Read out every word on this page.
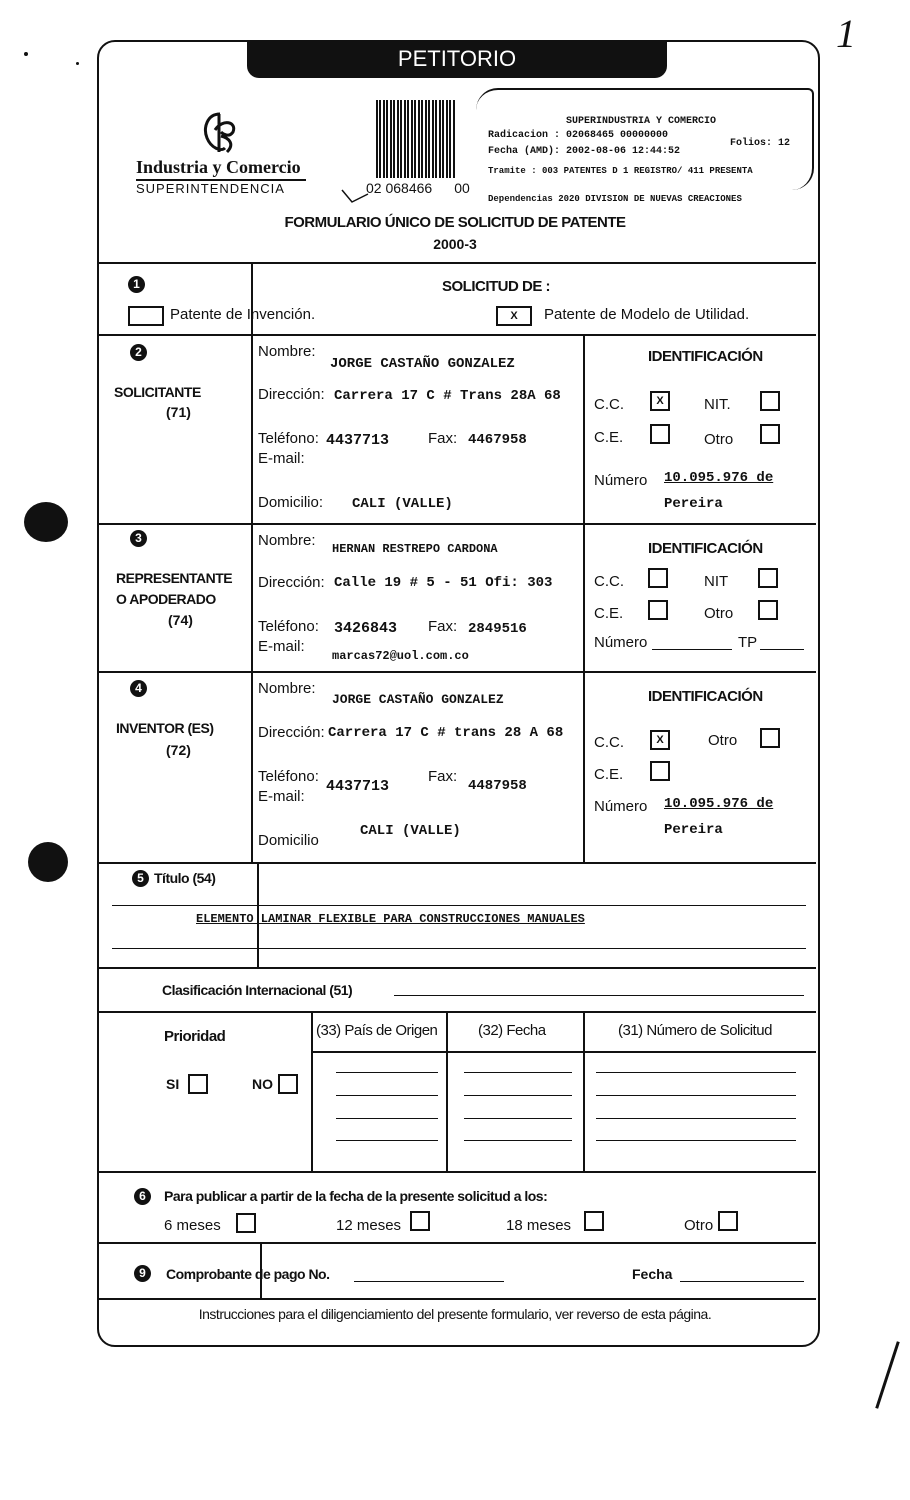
1
PETITORIO
Industria y Comercio
SUPERINTENDENCIA	02 068466 00
SUPERINDUSTRIA Y COMERCIO
Radicacion : 02068465 00000000
Fecha (AMD): 2002-08-06 12:44:52
Folios: 12
Tramite : 003 PATENTES D 1 REGISTRO/ 411 PRESENTA
Dependencias 2020 DIVISION DE NUEVAS CREACIONES
FORMULARIO ÚNICO DE SOLICITUD DE PATENTE
2000-3
1	SOLICITUD DE :
Patente de Invención.	X	Patente de Modelo de Utilidad.
2
SOLICITANTE
(71)
Nombre:
JORGE CASTAÑO GONZALEZ
Dirección: Carrera 17 C # Trans 28A 68
Teléfono: 4437713	Fax: 4467958
E-mail:
Domicilio: CALI (VALLE)
IDENTIFICACIÓN
C.C.	X	NIT.
C.E.	Otro
Número 10.095.976 de
Pereira
3
REPRESENTANTE
O APODERADO
(74)
Nombre: HERNAN RESTREPO CARDONA
Dirección: Calle 19 # 5 - 51 Ofi: 303
Teléfono: 3426843 Fax: 2849516
E-mail:
marcas72@uol.com.co
IDENTIFICACIÓN
C.C.	NIT
C.E.	Otro
Número	TP
4
INVENTOR (ES)
(72)
Nombre:
JORGE CASTAÑO GONZALEZ
Dirección: Carrera 17 C # trans 28 A 68
Teléfono:
4437713
Fax:
4487958
E-mail:
Domicilio
CALI (VALLE)
IDENTIFICACIÓN
C.C.	X	Otro
C.E.
Número 10.095.976 de
Pereira
5 Título (54)
ELEMENTO LAMINAR FLEXIBLE PARA CONSTRUCCIONES MANUALES
Clasificación Internacional (51)
Prioridad
SI	NO
(33) País de Origen	(32) Fecha	(31) Número de Solicitud
6	Para publicar a partir de la fecha de la presente solicitud a los:
6 meses	12 meses	18 meses	Otro
9	Comprobante de pago No.	Fecha
Instrucciones para el diligenciamiento del presente formulario, ver reverso de esta página.
